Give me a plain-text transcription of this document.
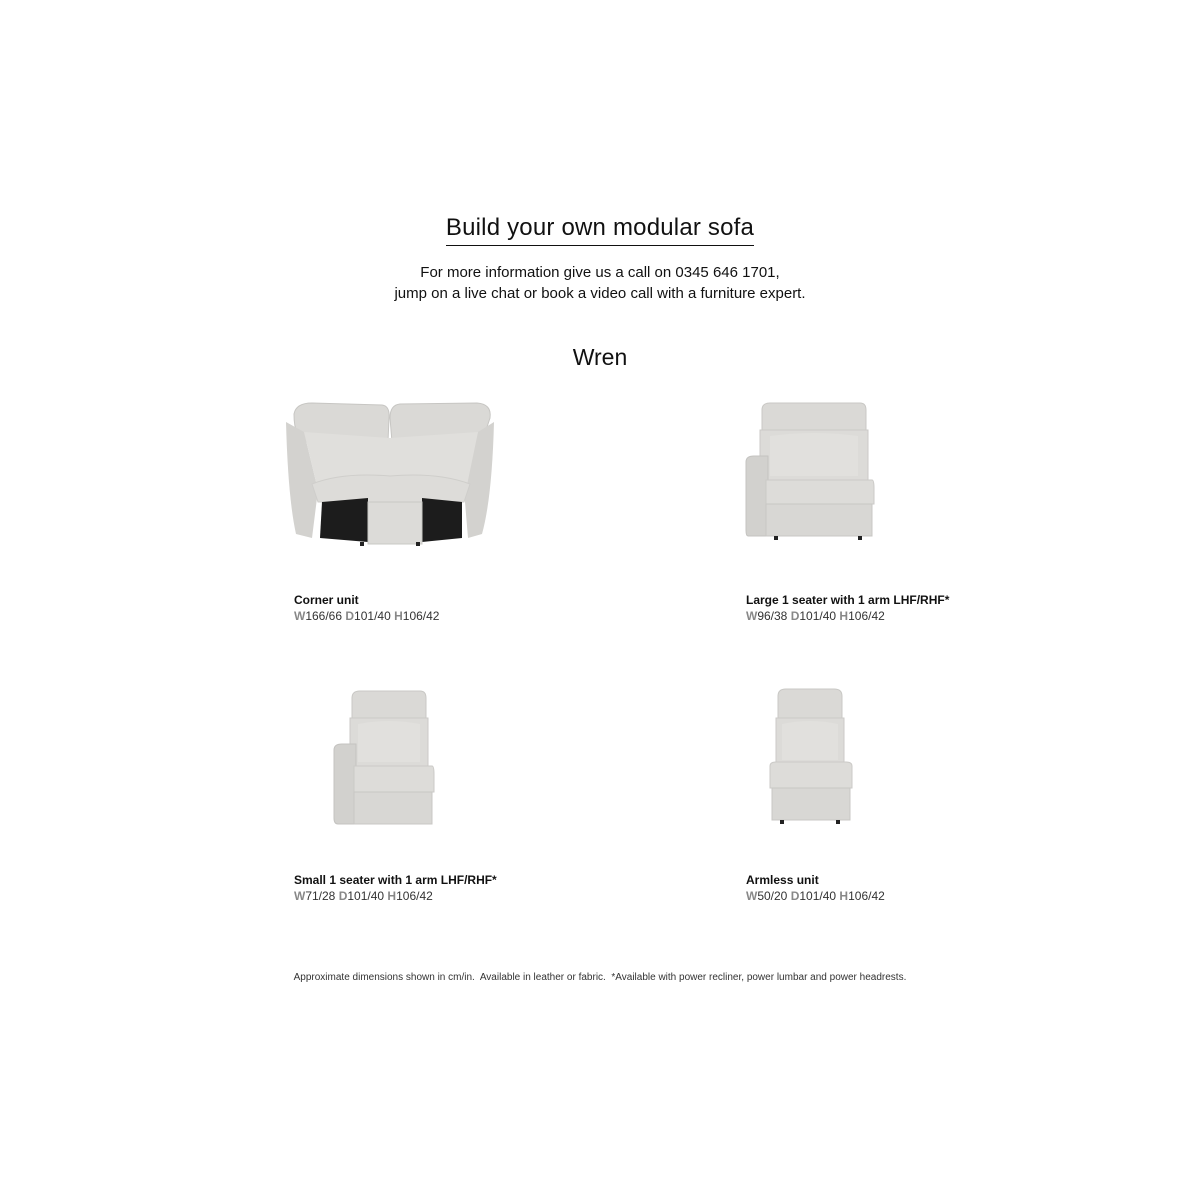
Build your own modular sofa
For more information give us a call on 0345 646 1701,
jump on a live chat or book a video call with a furniture expert.
Wren
Corner unit
W166/66 D101/40 H106/42
Large 1 seater with 1 arm LHF/RHF*
W96/38 D101/40 H106/42
Small 1 seater with 1 arm LHF/RHF*
W71/28 D101/40 H106/42
Armless unit
W50/20 D101/40 H106/42
Approximate dimensions shown in cm/in.  Available in leather or fabric.  *Available with power recliner, power lumbar and power headrests.
